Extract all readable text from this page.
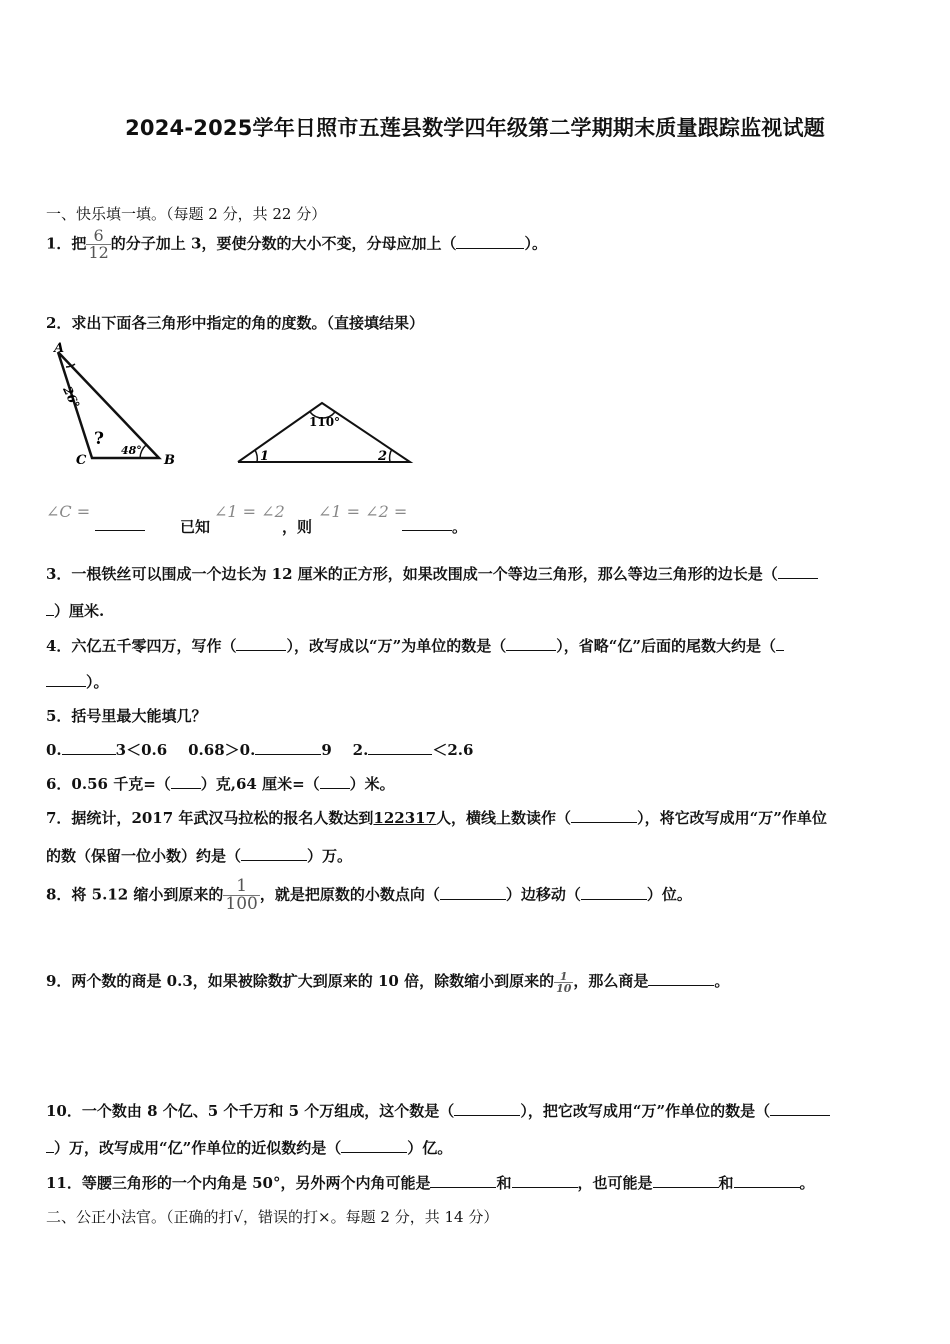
2024-2025学年日照市五莲县数学四年级第二学期期末质量跟踪监视试题
一、快乐填一填。（每题 2 分，共 22 分）
1．把 $\frac{6}{12}$ 的分子加上 3，要使分数的大小不变，分母应加上（	）。
2．求出下面各三角形中指定的角的度数。（直接填结果）
A
B
C
26°
48°
?
110°
1	2
∠C =
已知
∠1 = ∠2
，则
∠1 = ∠2 =
。
3．一根铁丝可以围成一个边长为 12 厘米的正方形，如果改围成一个等边三角形，那么等边三角形的边长是（
）厘米.
4．六亿五千零四万，写作（	），改写成以“万”为单位的数是（	），省略“亿”后面的尾数大约是（
）。
5．括号里最大能填几？
0.	3＜0.6 0.68＞0.	9 2.	＜2.6
6．0.56 千克=（ ）克,64 厘米=（ ）米。
7．据统计，2017 年武汉马拉松的报名人数达到122317人，横线上数读作（	），将它改写成用“万”作单位
的数（保留一位小数）约是（	）万。
8．将 5.12 缩小到原来的 $\frac{1}{100}$ ，就是把原数的小数点向（	）边移动（	）位。
9．两个数的商是 0.3，如果被除数扩大到原来的 10 倍，除数缩小到原来的 $\frac{1}{10}$ ，那么商是	。
10．一个数由 8 个亿、5 个千万和 5 个万组成，这个数是（	），把它改写成用“万”作单位的数是（
）万，改写成用“亿”作单位的近似数约是（	）亿。
11．等腰三角形的一个内角是 50°，另外两个内角可能是	和	，也可能是	和	。
二、公正小法官。（正确的打√，错误的打×。每题 2 分，共 14 分）
